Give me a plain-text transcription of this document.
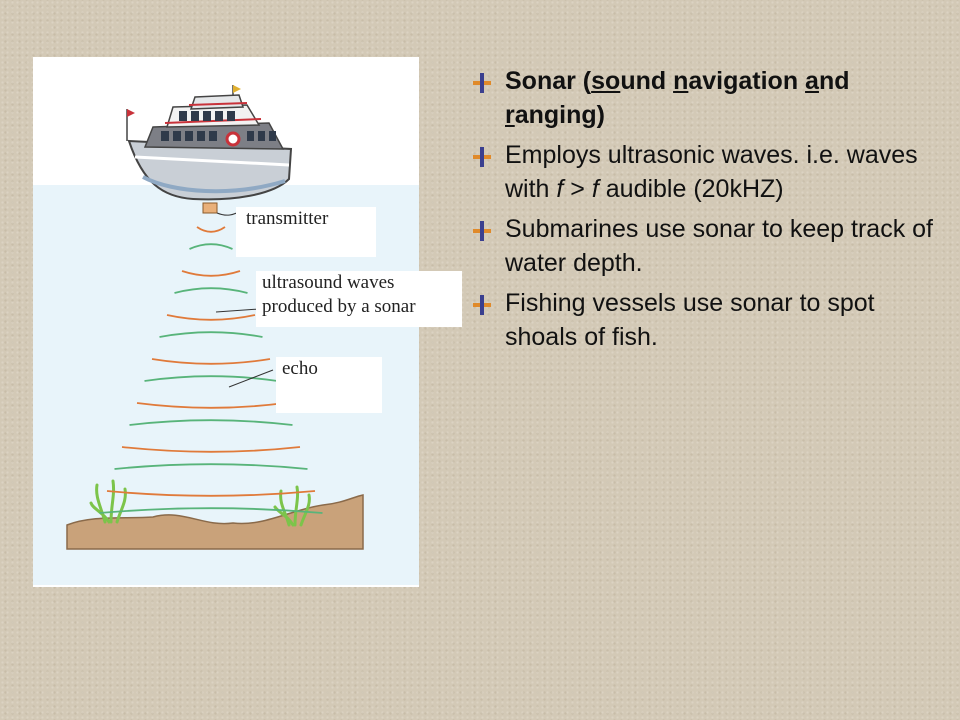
transmitter
ultrasound waves
produced by a sonar
echo
Sonar (sound navigation and ranging)
Employs ultrasonic waves. i.e. waves with f > f audible (20kHZ)
Submarines use sonar to keep track of water depth.
Fishing vessels use sonar to spot shoals of fish.
